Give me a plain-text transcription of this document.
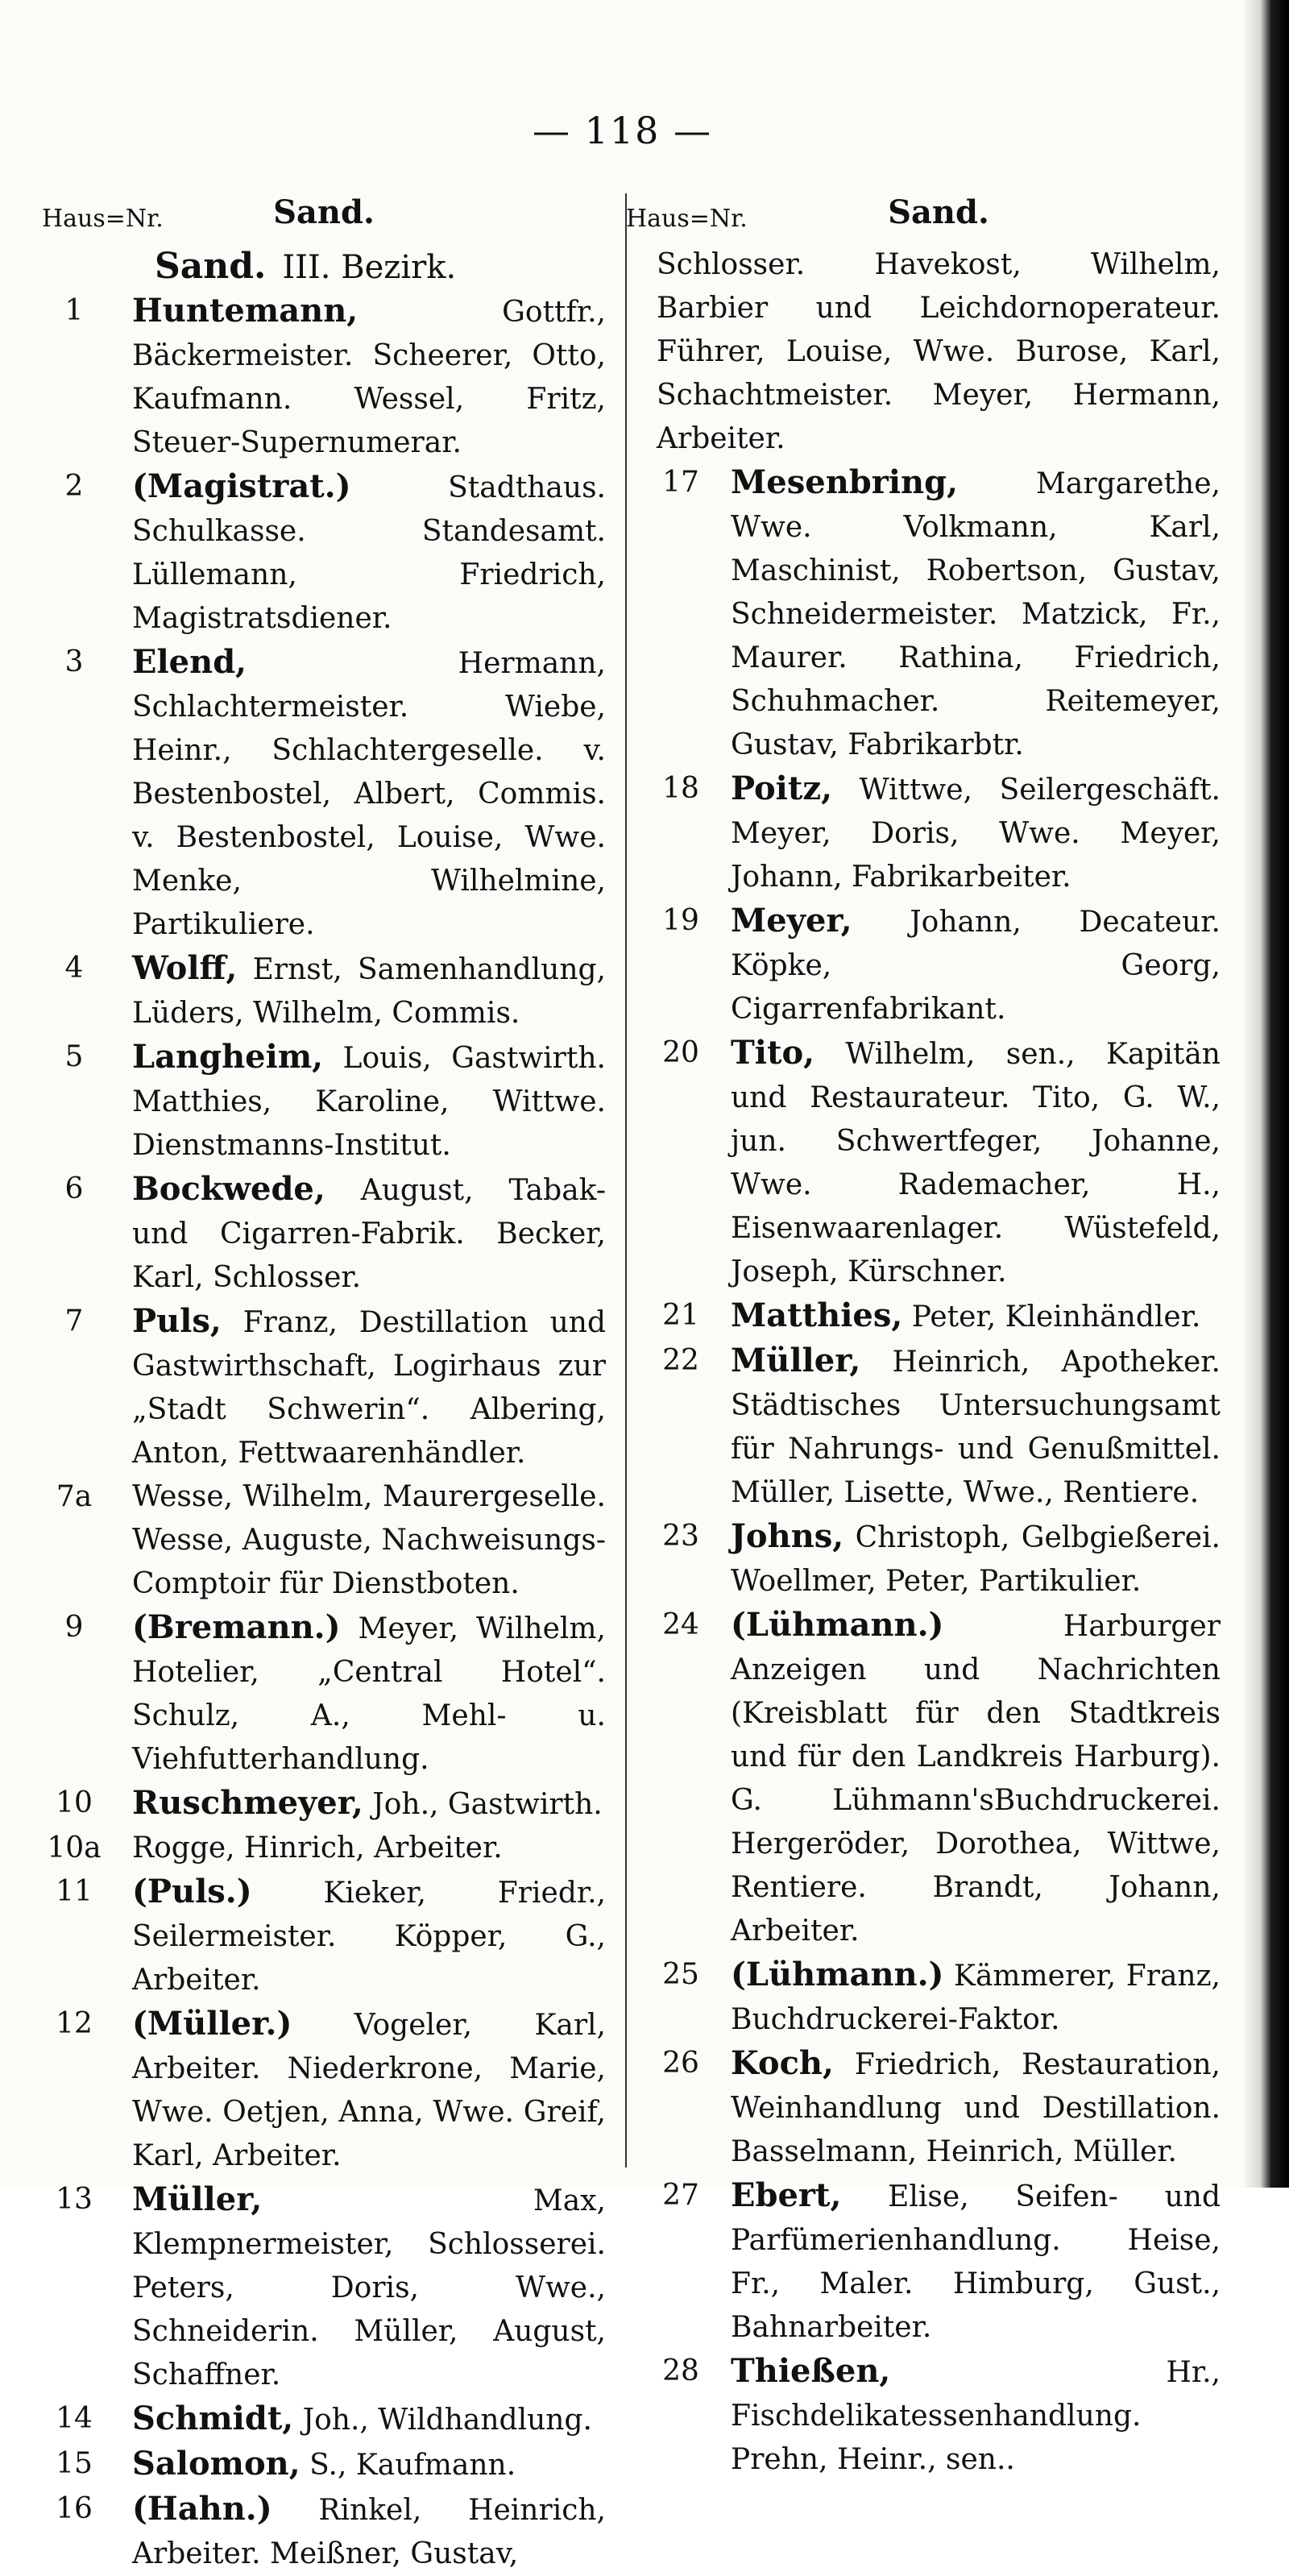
— 118 —
Haus=Nr.	Sand.
Sand. III. Bezirk.
1	Huntemann, Gottfr., Bäckermeister. Scheerer, Otto, Kaufmann. Wessel, Fritz, Steuer-Supernumerar.
2	(Magistrat.) Stadthaus. Schulkasse. Standesamt. Lüllemann, Friedrich, Magistratsdiener.
3	Elend, Hermann, Schlachtermeister. Wiebe, Heinr., Schlachtergeselle. v. Bestenbostel, Albert, Commis. v. Bestenbostel, Louise, Wwe. Menke, Wilhelmine, Partikuliere.
4	Wolff, Ernst, Samenhandlung, Lüders, Wilhelm, Commis.
5	Langheim, Louis, Gastwirth. Matthies, Karoline, Wittwe. Dienstmanns-Institut.
6	Bockwede, August, Tabak- und Cigarren-Fabrik. Becker, Karl, Schlosser.
7	Puls, Franz, Destillation und Gastwirthschaft, Logirhaus zur „Stadt Schwerin“. Albering, Anton, Fettwaarenhändler.
7a	Wesse, Wilhelm, Maurergeselle. Wesse, Auguste, Nachweisungs-Comptoir für Dienstboten.
9	(Bremann.) Meyer, Wilhelm, Hotelier, „Central Hotel“. Schulz, A., Mehl- u. Viehfutterhandlung.
10	Ruschmeyer, Joh., Gastwirth.
10a Rogge, Hinrich, Arbeiter.
11	(Puls.) Kieker, Friedr., Seilermeister. Köpper, G., Arbeiter.
12	(Müller.) Vogeler, Karl, Arbeiter. Niederkrone, Marie, Wwe. Oetjen, Anna, Wwe. Greif, Karl, Arbeiter.
13	Müller, Max, Klempnermeister, Schlosserei. Peters, Doris, Wwe., Schneiderin. Müller, August, Schaffner.
14	Schmidt, Joh., Wildhandlung.
15	Salomon, S., Kaufmann.
16	(Hahn.) Rinkel, Heinrich, Arbeiter. Meißner, Gustav,
Haus=Nr.	Sand.
Schlosser. Havekost, Wilhelm, Barbier und Leichdornoperateur. Führer, Louise, Wwe. Burose, Karl, Schachtmeister. Meyer, Hermann, Arbeiter.
17 Mesenbring, Margarethe, Wwe. Volkmann, Karl, Maschinist, Robertson, Gustav, Schneidermeister. Matzick, Fr., Maurer. Rathina, Friedrich, Schuhmacher. Reitemeyer, Gustav, Fabrikarbtr.
18 Poitz, Wittwe, Seilergeschäft. Meyer, Doris, Wwe. Meyer, Johann, Fabrikarbeiter.
19 Meyer, Johann, Decateur. Köpke, Georg, Cigarrenfabrikant.
20 Tito, Wilhelm, sen., Kapitän und Restaurateur. Tito, G. W., jun. Schwertfeger, Johanne, Wwe. Rademacher, H., Eisenwaarenlager. Wüstefeld, Joseph, Kürschner.
21 Matthies, Peter, Kleinhändler.
22 Müller, Heinrich, Apotheker. Städtisches Untersuchungsamt für Nahrungs- und Genußmittel. Müller, Lisette, Wwe., Rentiere.
23 Johns, Christoph, Gelbgießerei. Woellmer, Peter, Partikulier.
24 (Lühmann.) Harburger Anzeigen und Nachrichten (Kreisblatt für den Stadtkreis und für den Landkreis Harburg). G. Lühmann'sBuchdruckerei. Hergeröder, Dorothea, Wittwe, Rentiere. Brandt, Johann, Arbeiter.
25 (Lühmann.) Kämmerer, Franz, Buchdruckerei-Faktor.
26 Koch, Friedrich, Restauration, Weinhandlung und Destillation. Basselmann, Heinrich, Müller.
27 Ebert, Elise, Seifen- und Parfümerienhandlung. Heise, Fr., Maler. Himburg, Gust., Bahnarbeiter.
28 Thießen, Hr., Fischdelikatessenhandlung. Prehn, Heinr., sen..
